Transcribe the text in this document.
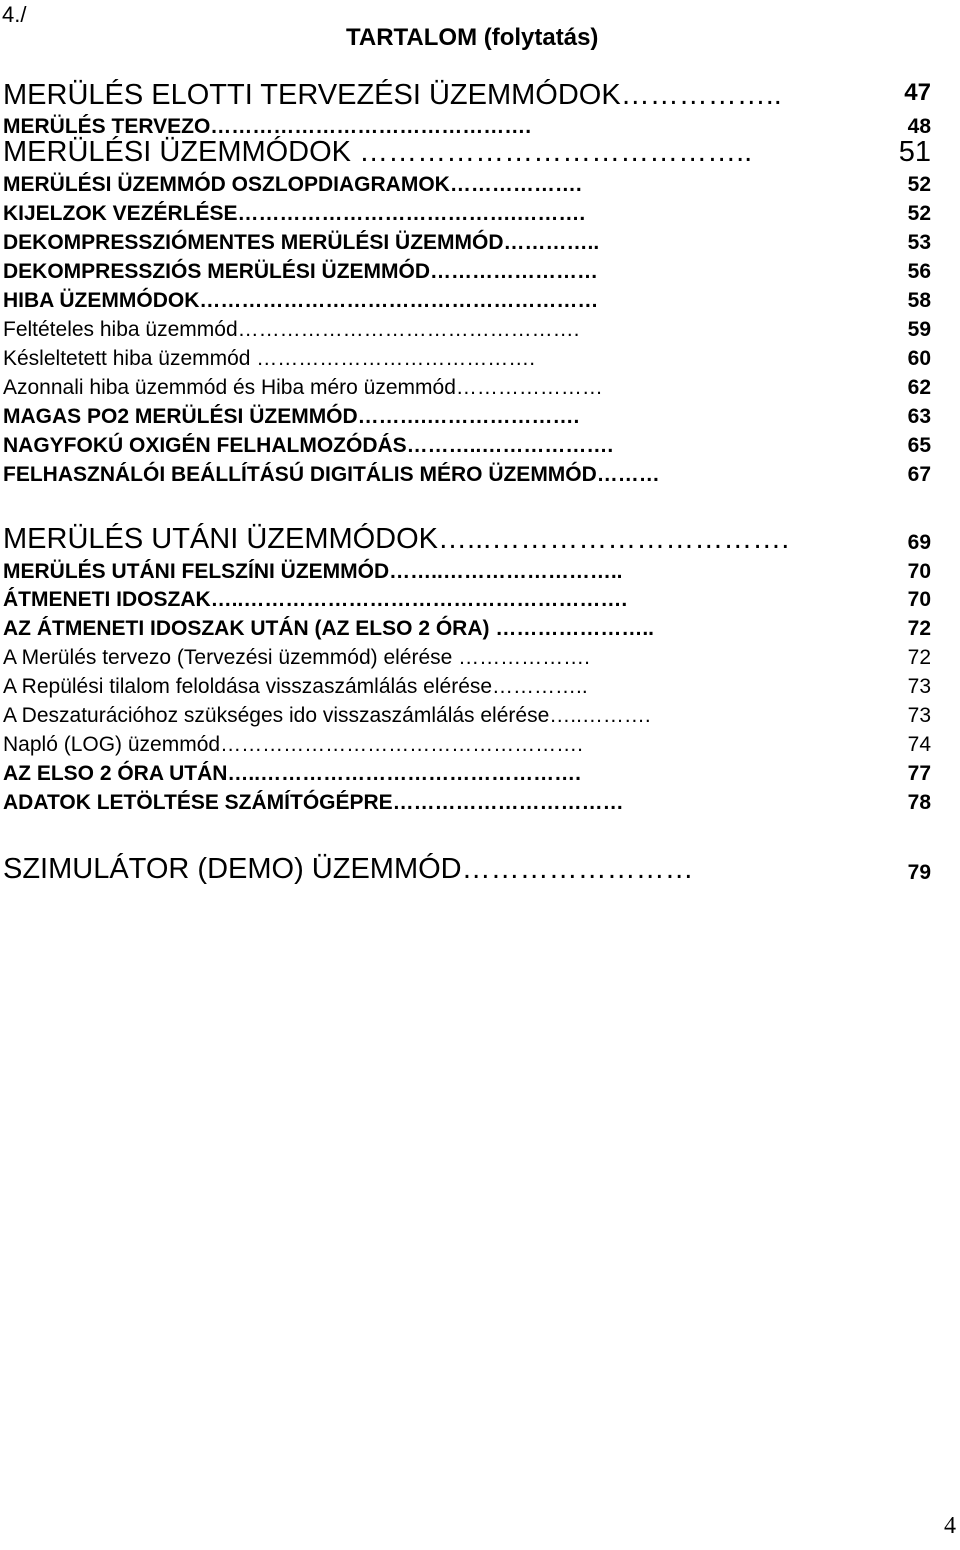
4./
TARTALOM (folytatás)
MERÜLÉS ELOTTI TERVEZÉSI ÜZEMMÓDOK……………..	47
MERÜLÉS TERVEZO……………………………………….	48
MERÜLÉSI ÜZEMMÓDOK …………………………………..	51
MERÜLÉSI ÜZEMMÓD OSZLOPDIAGRAMOK……………….	52
KIJELZOK VEZÉRLÉSE………………………………….……….	52
DEKOMPRESSZIÓMENTES MERÜLÉSI ÜZEMMÓD…………..	53
DEKOMPRESSZIÓS MERÜLÉSI ÜZEMMÓD……………………	56
HIBA ÜZEMMÓDOK…………………………………………………	58
Feltételes hiba üzemmód………………………………………….	59
Késleltetett hiba üzemmód ………………………………….	60
Azonnali hiba üzemmód és Hiba méro üzemmód…………………	62
MAGAS PO2 MERÜLÉSI ÜZEMMÓD……….………………….	63
NAGYFOKÚ OXIGÉN FELHALMOZÓDÁS………..……………….	65
FELHASZNÁLÓI BEÁLLÍTÁSÚ DIGITÁLIS MÉRO ÜZEMMÓD………	67
MERÜLÉS UTÁNI ÜZEMMÓDOK…...………………………….	69
MERÜLÉS UTÁNI FELSZÍNI ÜZEMMÓD……..……………………..	70
ÁTMENETI IDOSZAK…..……………………………………………….	70
AZ ÁTMENETI IDOSZAK UTÁN (AZ ELSO 2 ÓRA) …………………..	72
A Merülés tervezo (Tervezési üzemmód) elérése ……………….	72
A Repülési tilalom feloldása visszaszámlálás elérése…………..	73
A Deszaturációhoz szükséges ido visszaszámlálás elérése…..……….	73
Napló (LOG) üzemmód…………………………………………….	74
AZ ELSO 2 ÓRA UTÁN…..……………………………………….	77
ADATOK LETÖLTÉSE SZÁMÍTÓGÉPRE……………………………	78
SZIMULÁTOR (DEMO) ÜZEMMÓD……………………	79
4
